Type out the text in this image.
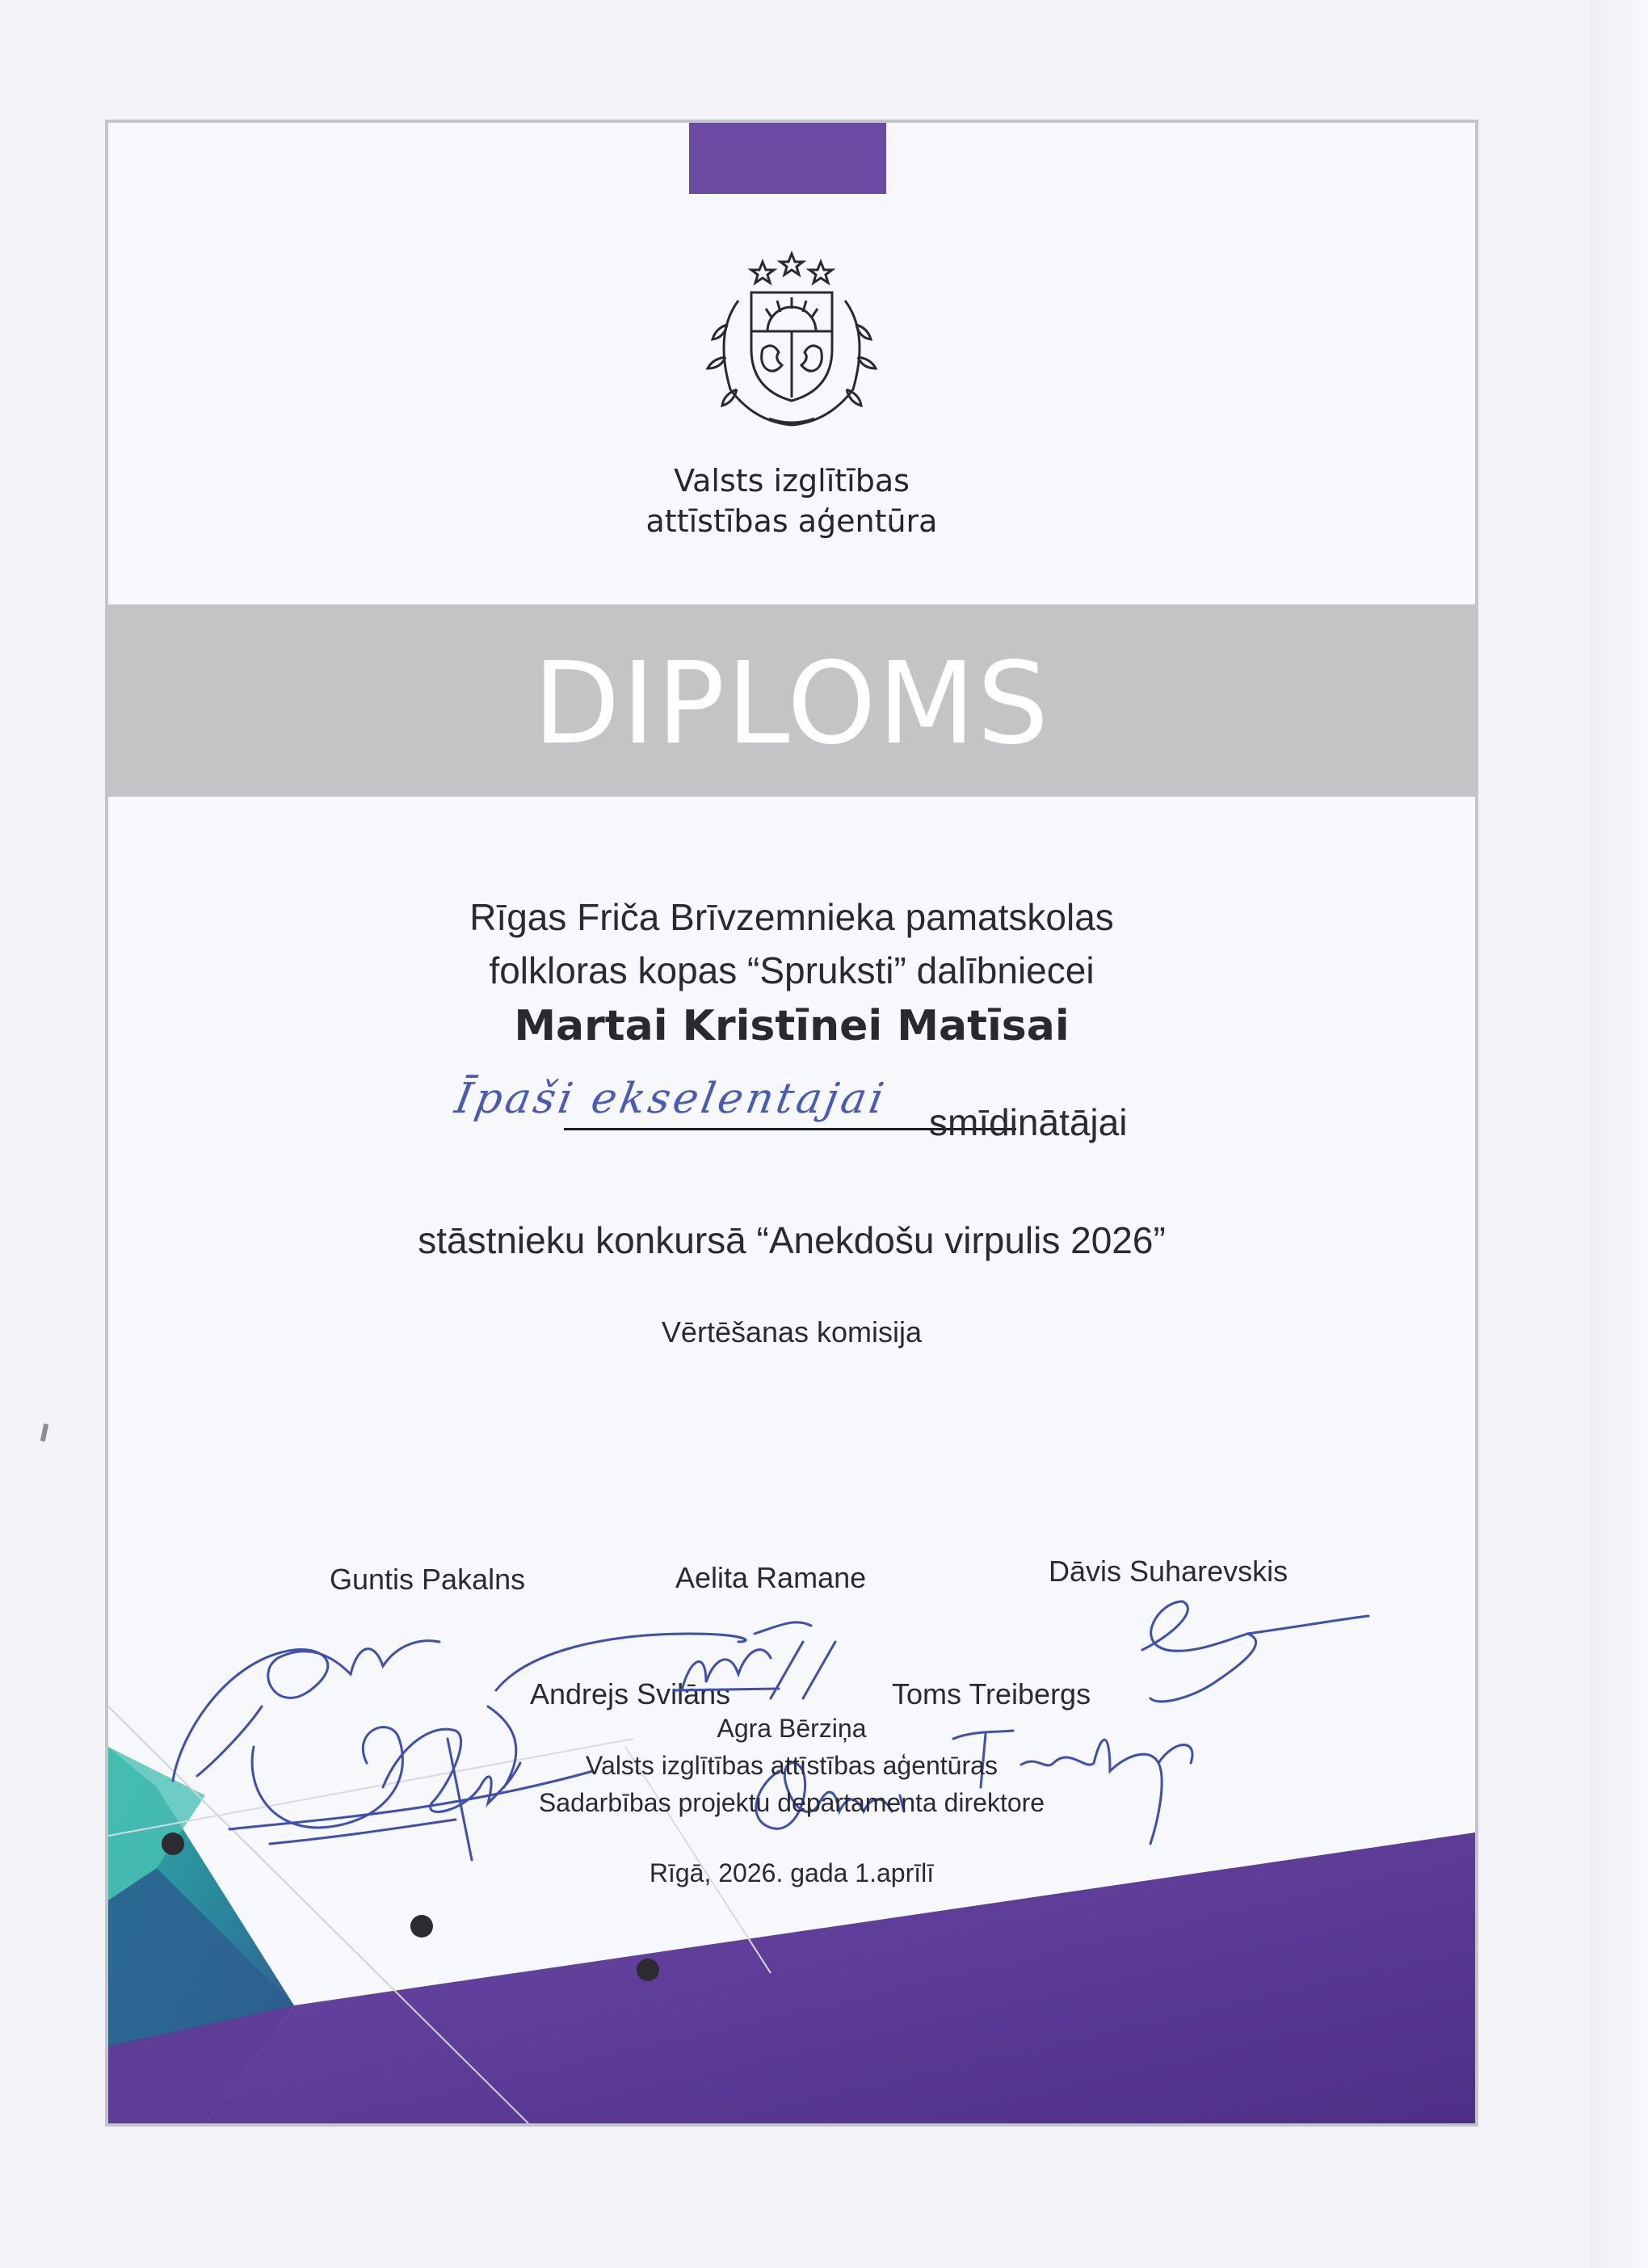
Valsts izglītības
attīstības aģentūra
DIPLOMS
Rīgas Friča Brīvzemnieka pamatskolas
folkloras kopas “Spruksti” dalībniecei
Martai Kristīnei Matīsai
Īpaši ekselentajai smīdinātājai
stāstnieku konkursā “Anekdošu virpulis 2026”
Vērtēšanas komisija
Guntis Pakalns	Aelita Ramane	Dāvis Suharevskis
Andrejs Svilāns	Toms Treibergs
Agra Bērziņa
Valsts izglītības attīstības aģentūras
Sadarbības projektu departamenta direktore
Rīgā, 2026. gada 1.aprīlī
